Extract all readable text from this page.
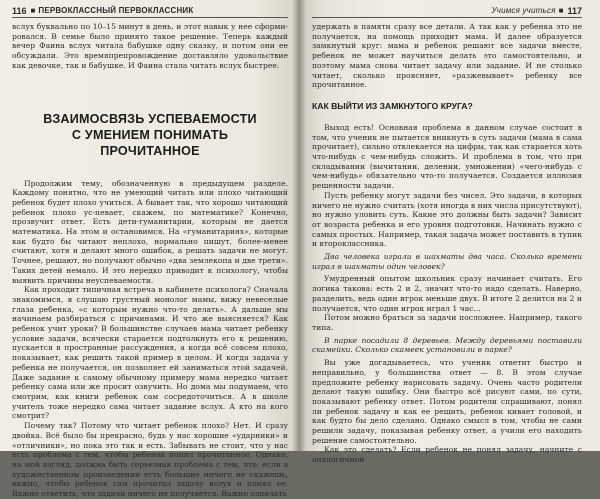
116 ■ ПЕРВОКЛАССНЫЙ ПЕРВОКЛАССНИК

вслух буквально по 10–15 минут в день, и этот навык у нее сформи-ровался. В семье было принято такое решение. Теперь каждый вечер Фаина вслух читала бабушке одну сказку, и потом они ее обсуждали. Это времяпрепровождение доставляло удовольствие как девочке, так и бабушке. И Фаина стала читать вслух быстрее.

ВЗАИМОСВЯЗЬ УСПЕВАЕМОСТИ
С УМЕНИЕМ ПОНИМАТЬ
ПРОЧИТАННОЕ

Продолжим тему, обозначенную в предыдущем разделе. Каждому понятно, что не умеющий читать или плохо читающий ребенок будет плохо учиться. А бывает так, что хорошо читающий ребенок плохо ус-певает, скажем, по математике? Конечно, прозвучит ответ. Есть дети-гуманитарии, которым не дается математика. На этом и остановимся. На «гуманитариях», которые как будто бы читают неплохо, нормально пишут, более-менее считают, хотя и делают много ошибок, а решать задачи не могут. Точнее, решают, но получают обычно «два землекопа и две трети». Таких детей немало. И это нередко приводит к психологу, чтобы выявить причины неуспеваемости.

Как проходит типичная встреча в кабинете психолога? Сначала знакомимся, я слушаю грустный монолог мамы, вижу невеселые глаза ребенка, «с которым нужно что-то делать». А дальше мы начинаем разбираться с причинами. И что же выясняется? Как ребенок учит уроки? В большинстве случаев мама читает ребенку условие задачи, всячески старается подтолкнуть его к решению, пускается в пространные рассуждения, а когда всё совсем плохо, показывает, как решить такой пример в целом. И когда задача у ребенка не получается, он позволяет ей заниматься этой задачей. Даже задание к самому обычному примеру мама нередко читает ребенку сама или же просит озвучить. Но дома мы подумаем, что смотрим, как книги ребенок сам сосредоточиться. А в школе учитель тоже нередко сама читает задание вслух. А кто на кого смотрит?

Почему так? Потому что читает ребенок плохо? Нет. И сразу двойка. Всё было бы прекрасно, будь у нас хорошие «ударники» и «отличники», но пока это так и есть. Забывать не стоит, что у нас есть проблема с тем, чтобы ребенок понял прочитанное. Однако, на мой взгляд, должна быть серьезная проблема с тем, что, если в художественном произведении есть большие ничего не скажешь, важно, чтобы ребенок сам прочитал задачу вслух и понял ее. Важно ответить, что задачи ничего не получается. Важно означать

Учимся учиться ■ 117

удержать в памяти сразу все детали. А так как у ребенка это не получается, на помощь приходит мама. И далее образуется замкнутый круг: мама и ребенок решают все задачи вместе, ребенок не может научиться делать это самостоятельно, и поэтому мама снова читает задачу или задание. И не столько читает, сколько проясняет, «разжевывает» ребенку все прочитанное.

КАК ВЫЙТИ ИЗ ЗАМКНУТОГО КРУГА?

Выход есть! Основная проблема в данном случае состоит в том, что ученик не пытается вникнуть в суть задачи (мама в сама прочитает), сильно отвлекается на цифры, так как старается хоть что-нибудь с чем-нибудь сложить. И проблема в том, что при складывании (вычитании, делении, умножении) «чего-нибудь с чем-нибудь» обязательно что-то получается. Создается иллюзия решенности задачи.

Пусть ребенку могут задачи без чисел. Это задачи, в которых ничего не нужно считать (хотя иногда в них числа присутствуют), но нужно уловить суть. Какие это должны быть задачи? Зависит от возраста ребенка и его уровня подготовки. Начинать нужно с самых простых. Например, такая задача может поставить в тупик и второклассника.

Два человека играли в шахматы два часа. Сколько времени играл в шахматы один человек?

Умудренный опытом школьник сразу начинает считать. Его логика такова: есть 2 и 2, значит что-то надо сделать. Наверно, разделить, ведь один игрок меньше двух. В итоге 2 делится на 2 и получается, что один игрок играл 1 час...

Потом можно браться за задачи посложнее. Например, такого типа.

В парке посадили 8 деревьев. Между деревьями поставили скамейки. Сколько скамеек установили в парке?

Вы уже догадываетесь, что ученик ответит быстро и неправильно, у большинства ответ — 8. В этом случае предложите ребенку нарисовать задачу. Очень часто родители делают такую ошибку. Они быстро всё рисуют сами, по сути, показывают ребенку ответ. Потом родители спрашивают, понял ли ребенок задачу и как ее решить, ребенок кивает головой, и как будто бы дело сделано. Однако смысл в том, чтобы не сами решили задачу, показывая ребенку ответ, а учили его находить решение самостоятельно.

Как это сделать? Если ребенок не понял задачу, начните с аналогичной
